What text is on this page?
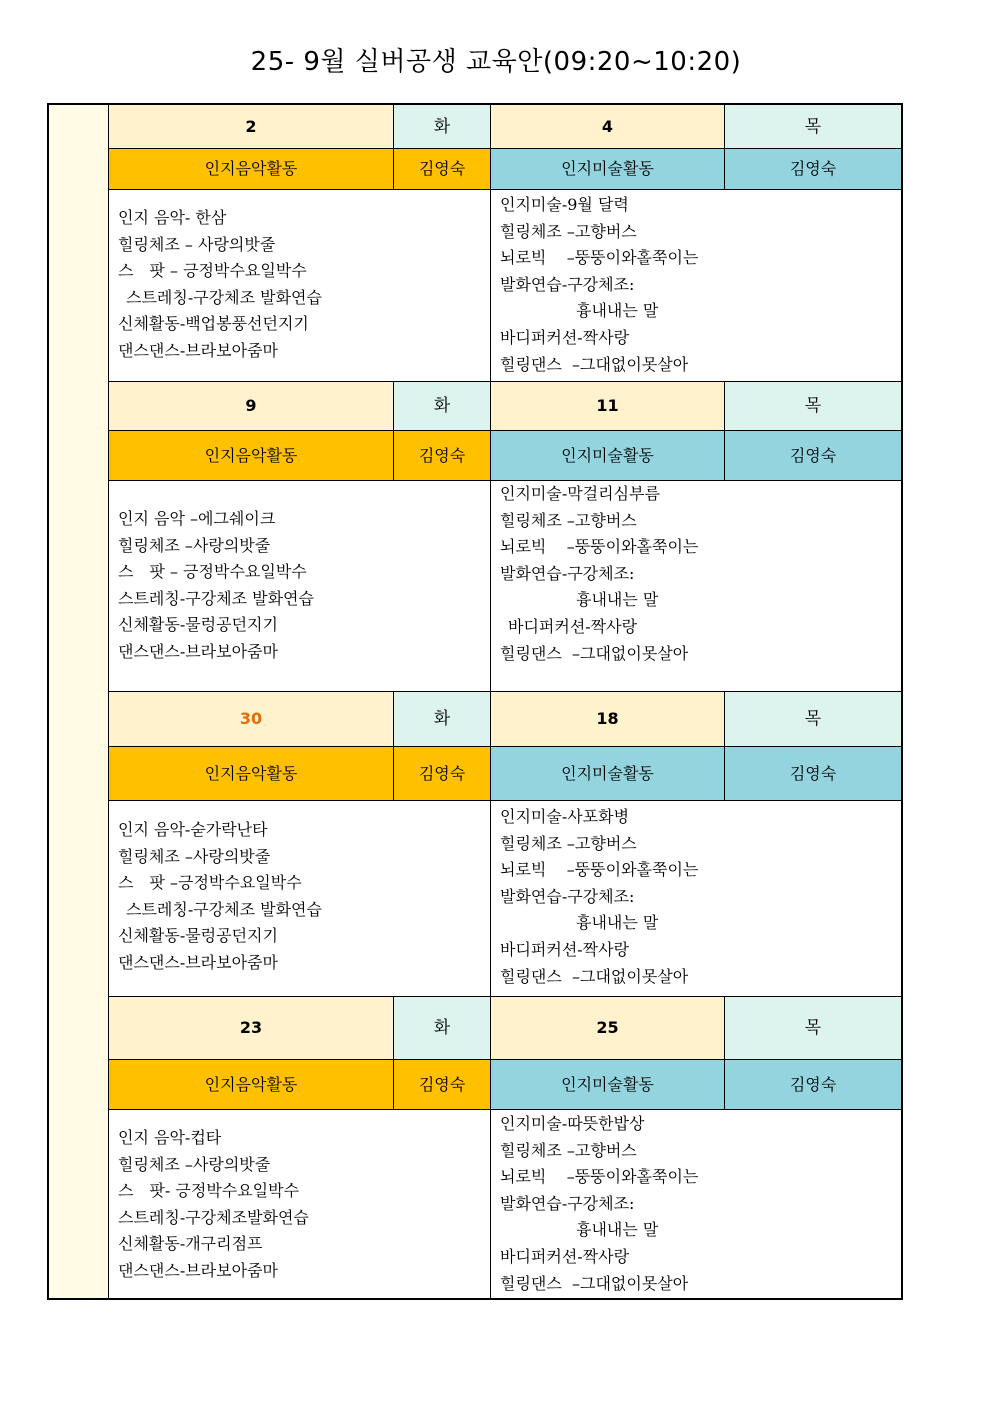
25- 9월 실버공생 교육안(09:20~10:20)
2	화	4	목
인지음악활동	김영숙	인지미술활동	김영숙
인지 음악- 한삼
힐링체조 – 사랑의밧줄
스　팟 – 긍정박수요일박수
스트레칭-구강체조 발화연습
신체활동-백업봉풍선던지기
댄스댄스-브라보아줌마
인지미술-9월 달력
힐링체조 –고향버스
뇌로빅    –뚱뚱이와홀쭉이는
발화연습-구강체조:
흉내내는 말
바디퍼커션-짝사랑
힐링댄스  –그대없이못살아
9	화	11	목
인지음악활동	김영숙	인지미술활동	김영숙
인지 음악 –에그쉐이크
힐링체조 –사랑의밧줄
스　팟 – 긍정박수요일박수
스트레칭-구강체조 발화연습
신체활동-물렁공던지기
댄스댄스-브라보아줌마
인지미술-막걸리심부름
힐링체조 –고향버스
뇌로빅    –뚱뚱이와홀쭉이는
발화연습-구강체조:
흉내내는 말
바디퍼커션-짝사랑
힐링댄스  –그대없이못살아
30	화	18	목
인지음악활동	김영숙	인지미술활동	김영숙
인지 음악-숟가락난타
힐링체조 –사랑의밧줄
스　팟 –긍정박수요일박수
스트레칭-구강체조 발화연습
신체활동-물렁공던지기
댄스댄스-브라보아줌마
인지미술-사포화병
힐링체조 –고향버스
뇌로빅    –뚱뚱이와홀쭉이는
발화연습-구강체조:
흉내내는 말
바디퍼커션-짝사랑
힐링댄스  –그대없이못살아
23	화	25	목
인지음악활동	김영숙	인지미술활동	김영숙
인지 음악-컵타
힐링체조 –사랑의밧줄
스　팟- 긍정박수요일박수
스트레칭-구강체조발화연습
신체활동-개구리점프
댄스댄스-브라보아줌마
인지미술-따뜻한밥상
힐링체조 –고향버스
뇌로빅    –뚱뚱이와홀쭉이는
발화연습-구강체조:
흉내내는 말
바디퍼커션-짝사랑
힐링댄스  –그대없이못살아
